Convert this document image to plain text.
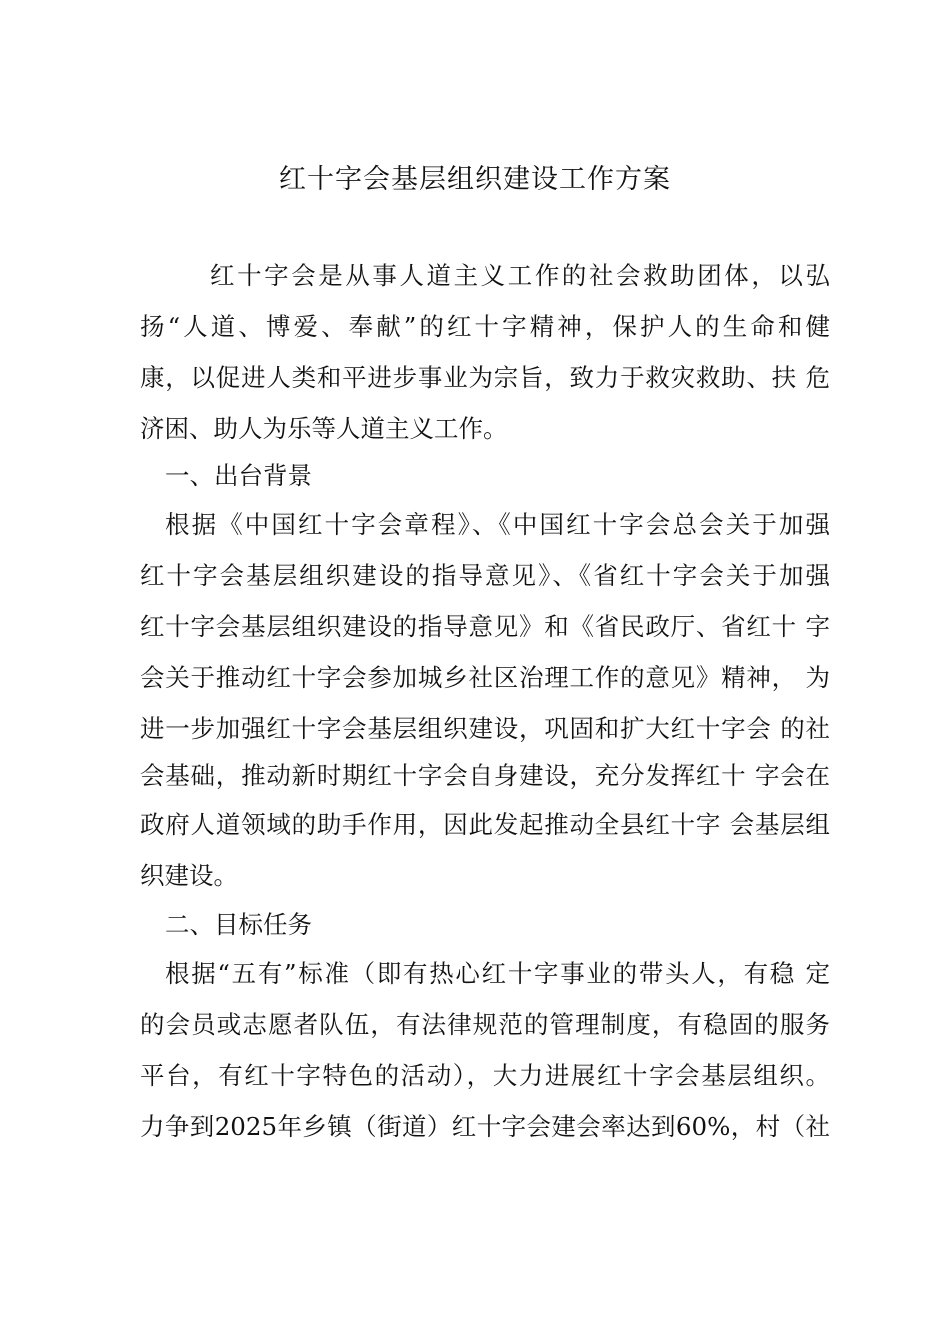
红十字会基层组织建设工作方案

红十字会是从事人道主义工作的社会救助团体，以弘

扬“人道、博爱、奉献”的红十字精神，保护人的生命和健

康，以促进人类和平进步事业为宗旨，致力于救灾救助、扶 危

济困、助人为乐等人道主义工作。

一、出台背景

根据《中国红十字会章程》、《中国红十字会总会关于加强

红十字会基层组织建设的指导意见》、《省红十字会关于加强

红十字会基层组织建设的指导意见》和《省民政厅、省红十 字

会关于推动红十字会参加城乡社区治理工作的意见》精神， 为

进一步加强红十字会基层组织建设，巩固和扩大红十字会 的社

会基础，推动新时期红十字会自身建设，充分发挥红十 字会在

政府人道领域的助手作用，因此发起推动全县红十字 会基层组

织建设。

二、目标任务

根据“五有”标准（即有热心红十字事业的带头人，有稳 定

的会员或志愿者队伍，有法律规范的管理制度，有稳固的服务

平台，有红十字特色的活动），大力进展红十字会基层组织。

力争到2025年乡镇（街道）红十字会建会率达到60%，村（社
